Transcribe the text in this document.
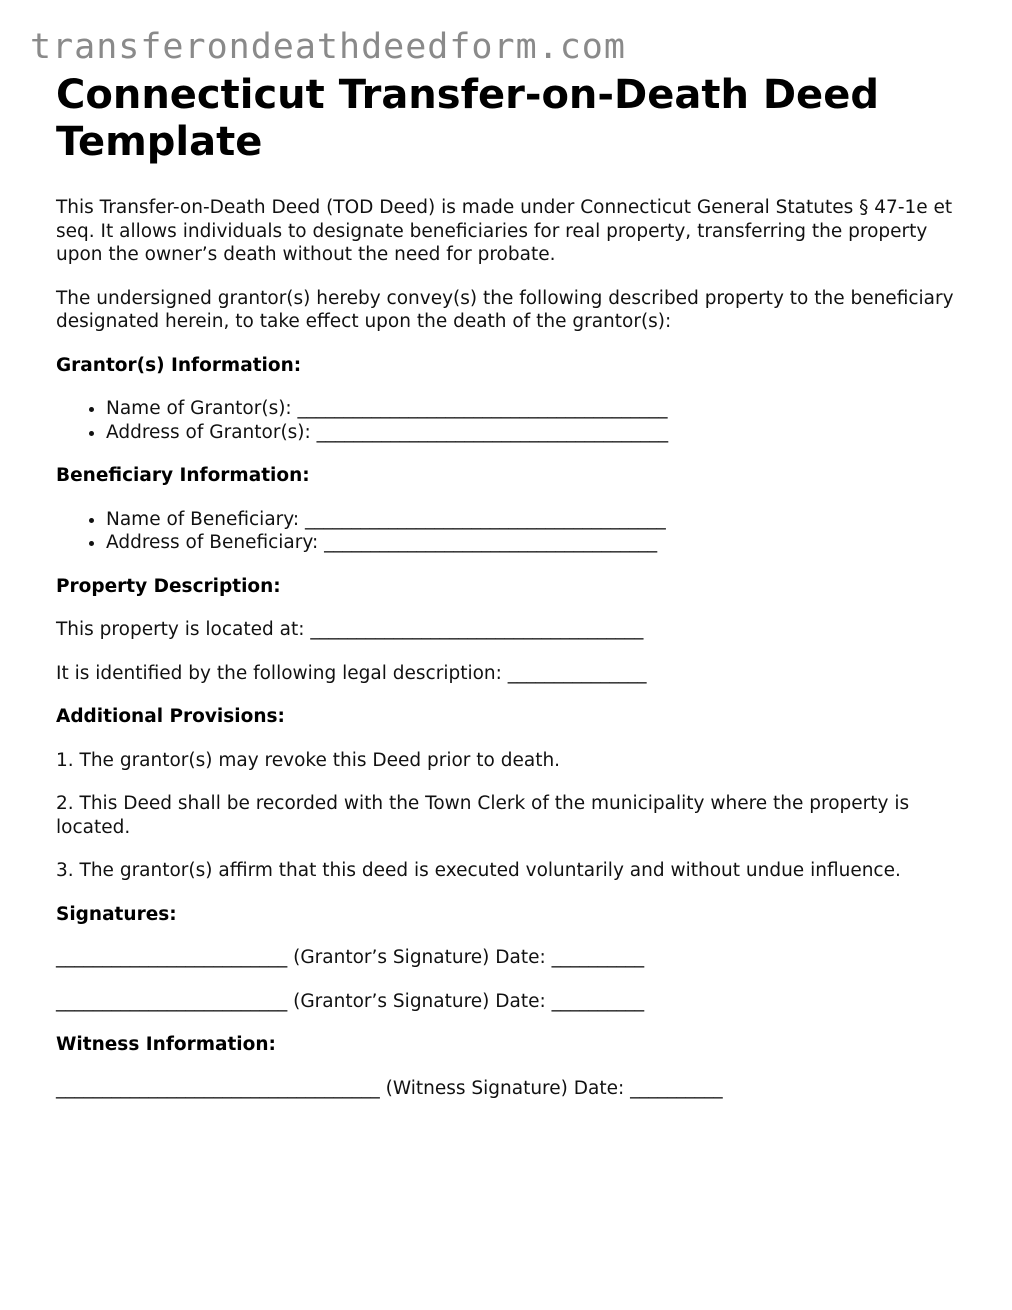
transferondeathdeedform.com
Connecticut Transfer-on-Death Deed Template

This Transfer-on-Death Deed (TOD Deed) is made under Connecticut General Statutes § 47-1e et seq. It allows individuals to designate beneficiaries for real property, transferring the property upon the owner’s death without the need for probate.

The undersigned grantor(s) hereby convey(s) the following described property to the beneficiary designated herein, to take effect upon the death of the grantor(s):

Grantor(s) Information:
• Name of Grantor(s): ________________________________________
• Address of Grantor(s): ______________________________________
Beneficiary Information:
• Name of Beneficiary: _______________________________________
• Address of Beneficiary: ____________________________________
Property Description:

This property is located at: ____________________________________

It is identified by the following legal description: _______________

Additional Provisions:

1. The grantor(s) may revoke this Deed prior to death.

2. This Deed shall be recorded with the Town Clerk of the municipality where the property is located.

3. The grantor(s) affirm that this deed is executed voluntarily and without undue influence.

Signatures:

_________________________ (Grantor’s Signature) Date: __________

_________________________ (Grantor’s Signature) Date: __________

Witness Information:

___________________________________ (Witness Signature) Date: __________
